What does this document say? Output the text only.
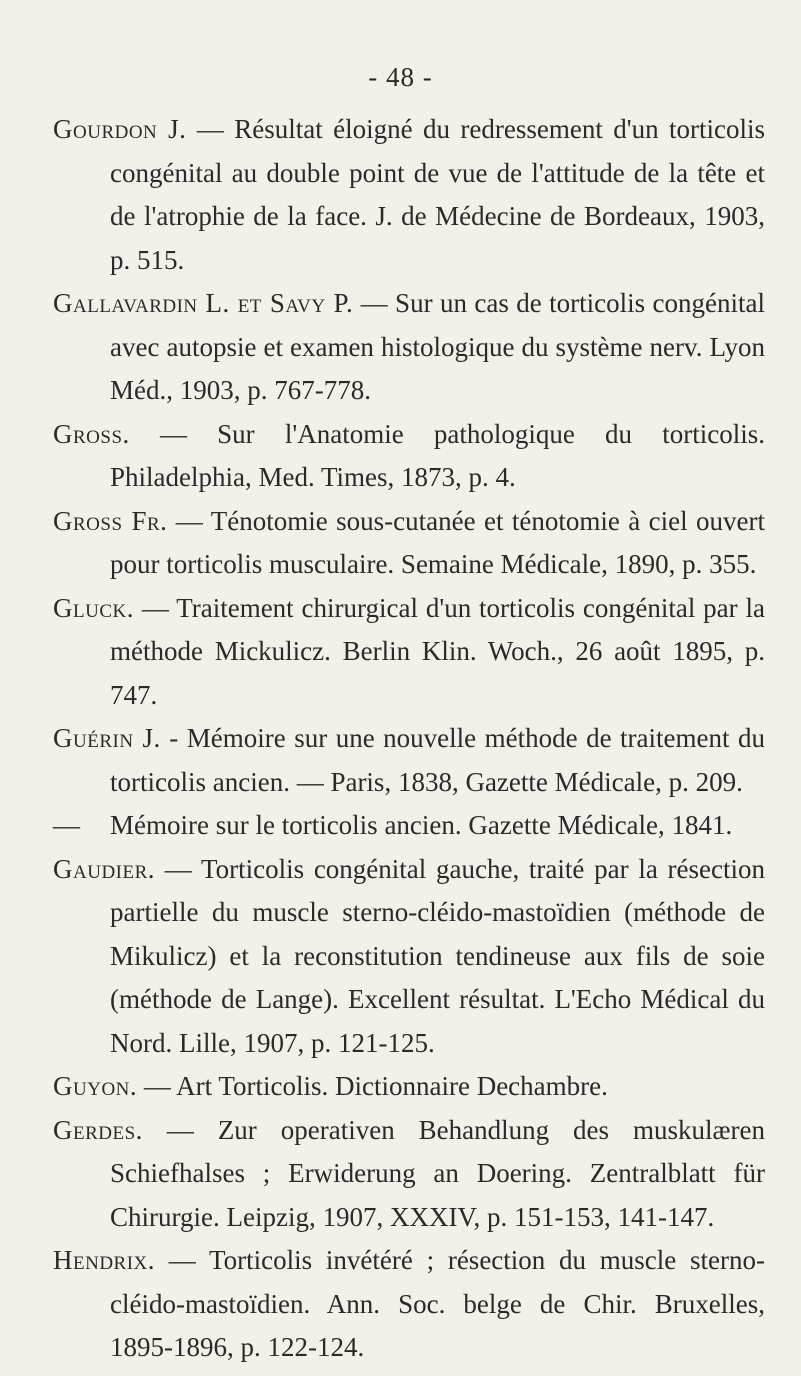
- 48 -

Gourdon J. — Résultat éloigné du redressement d'un torticolis congénital au double point de vue de l'attitude de la tête et de l'atrophie de la face. J. de Médecine de Bordeaux, 1903, p. 515.

Gallavardin L. et Savy P. — Sur un cas de torticolis congénital avec autopsie et examen histologique du système nerv. Lyon Méd., 1903, p. 767-778.

Gross. — Sur l'Anatomie pathologique du torticolis. Philadelphia, Med. Times, 1873, p. 4.

Gross Fr. — Ténotomie sous-cutanée et ténotomie à ciel ouvert pour torticolis musculaire. Semaine Médicale, 1890, p. 355.

Gluck. — Traitement chirurgical d'un torticolis congénital par la méthode Mickulicz. Berlin Klin. Woch., 26 août 1895, p. 747.

Guérin J. - Mémoire sur une nouvelle méthode de traitement du torticolis ancien. — Paris, 1838, Gazette Médicale, p. 209.

— Mémoire sur le torticolis ancien. Gazette Médicale, 1841.

Gaudier. — Torticolis congénital gauche, traité par la résection partielle du muscle sterno-cléido-mastoïdien (méthode de Mikulicz) et la reconstitution tendineuse aux fils de soie (méthode de Lange). Excellent résultat. L'Echo Médical du Nord. Lille, 1907, p. 121-125.

Guyon. — Art Torticolis. Dictionnaire Dechambre.

Gerdes. — Zur operativen Behandlung des muskulæren Schiefhalses ; Erwiderung an Doering. Zentralblatt für Chirurgie. Leipzig, 1907, XXXIV, p. 151-153, 141-147.

Hendrix. — Torticolis invétéré ; résection du muscle sterno-cléido-mastoïdien. Ann. Soc. belge de Chir. Bruxelles, 1895-1896, p. 122-124.
